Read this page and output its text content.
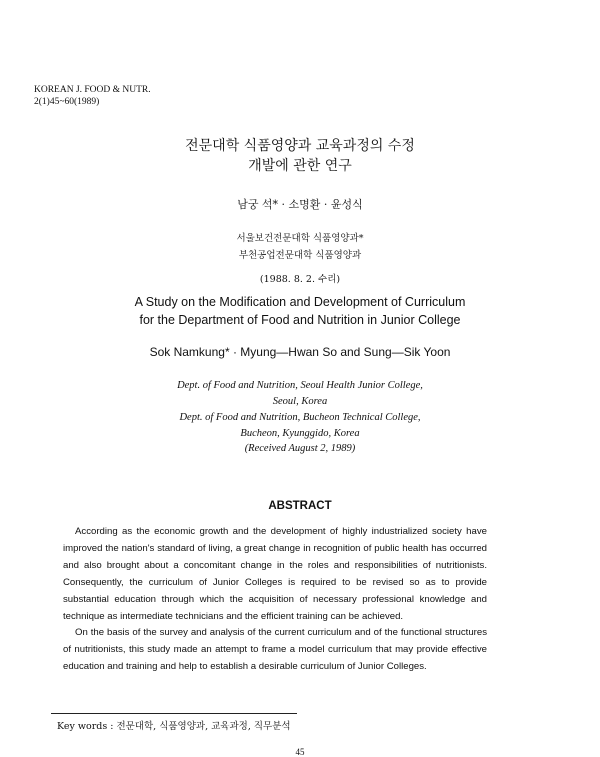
KOREAN J. FOOD & NUTR.
2(1)45~60(1989)
전문대학 식품영양과 교육과정의 수정
개발에 관한 연구
남궁 석* · 소명환 · 윤성식
서울보건전문대학 식품영양과*
부천공업전문대학 식품영양과
(1988. 8. 2. 수리)
A Study on the Modification and Development of Curriculum
for the Department of Food and Nutrition in Junior College
Sok Namkung* · Myung—Hwan So and Sung—Sik Yoon
Dept. of Food and Nutrition, Seoul Health Junior College,
Seoul, Korea
Dept. of Food and Nutrition, Bucheon Technical College,
Bucheon, Kyunggido, Korea
(Received August 2, 1989)
ABSTRACT

According as the economic growth and the development of highly industrialized society have improved the nation's standard of living, a great change in recognition of public health has occurred and also brought about a concomitant change in the roles and responsibilities of nutritionists. Consequently, the curriculum of Junior Colleges is required to be revised so as to provide substantial education through which the acquisition of necessary professional knowledge and technique as intermediate technicians and the efficient training can be achieved.

On the basis of the survey and analysis of the current curriculum and of the functional structures of nutritionists, this study made an attempt to frame a model curriculum that may provide effective education and training and help to establish a desirable curriculum of Junior Colleges.

Key words : 전문대학, 식품영양과, 교육과정, 직무분석
45
